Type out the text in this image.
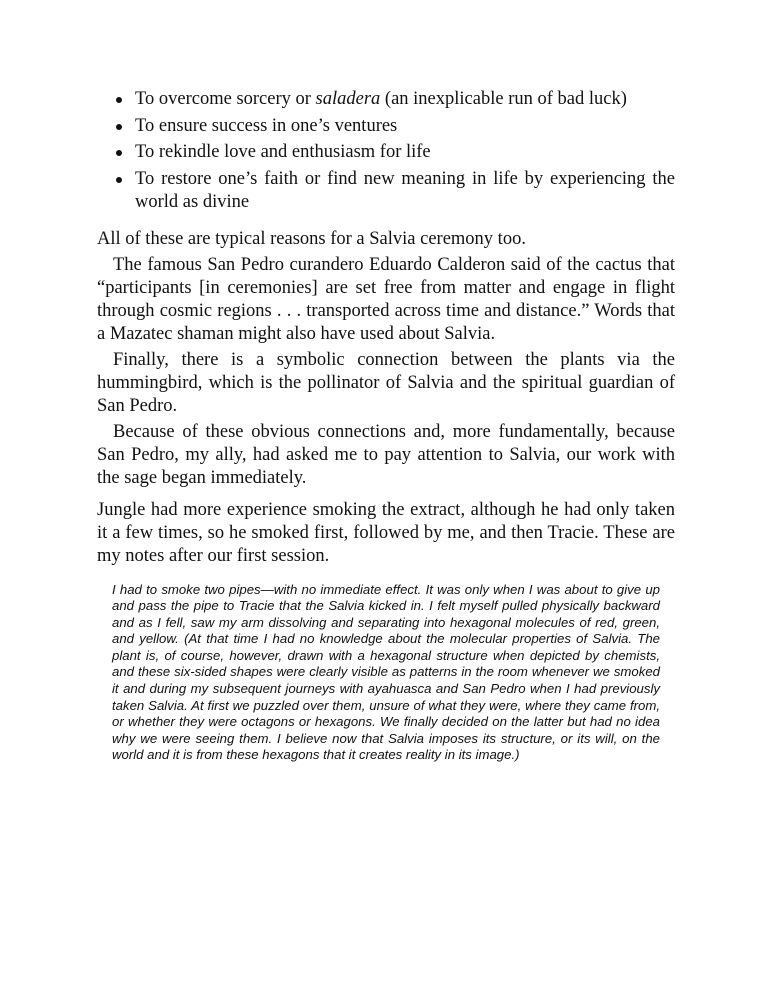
To overcome sorcery or saladera (an inexplicable run of bad luck)
To ensure success in one’s ventures
To rekindle love and enthusiasm for life
To restore one’s faith or find new meaning in life by experiencing the world as divine

All of these are typical reasons for a Salvia ceremony too.

The famous San Pedro curandero Eduardo Calderon said of the cactus that “participants [in ceremonies] are set free from matter and engage in flight through cosmic regions . . . transported across time and distance.” Words that a Mazatec shaman might also have used about Salvia.

Finally, there is a symbolic connection between the plants via the hummingbird, which is the pollinator of Salvia and the spiritual guardian of San Pedro.

Because of these obvious connections and, more fundamentally, because San Pedro, my ally, had asked me to pay attention to Salvia, our work with the sage began immediately.

Jungle had more experience smoking the extract, although he had only taken it a few times, so he smoked first, followed by me, and then Tracie. These are my notes after our first session.

I had to smoke two pipes—with no immediate effect. It was only when I was about to give up and pass the pipe to Tracie that the Salvia kicked in. I felt myself pulled physically backward and as I fell, saw my arm dissolving and separating into hexagonal molecules of red, green, and yellow. (At that time I had no knowledge about the molecular properties of Salvia. The plant is, of course, however, drawn with a hexagonal structure when depicted by chemists, and these six-sided shapes were clearly visible as patterns in the room whenever we smoked it and during my subsequent journeys with ayahuasca and San Pedro when I had previously taken Salvia. At first we puzzled over them, unsure of what they were, where they came from, or whether they were octagons or hexagons. We finally decided on the latter but had no idea why we were seeing them. I believe now that Salvia imposes its structure, or its will, on the world and it is from these hexagons that it creates reality in its image.)
